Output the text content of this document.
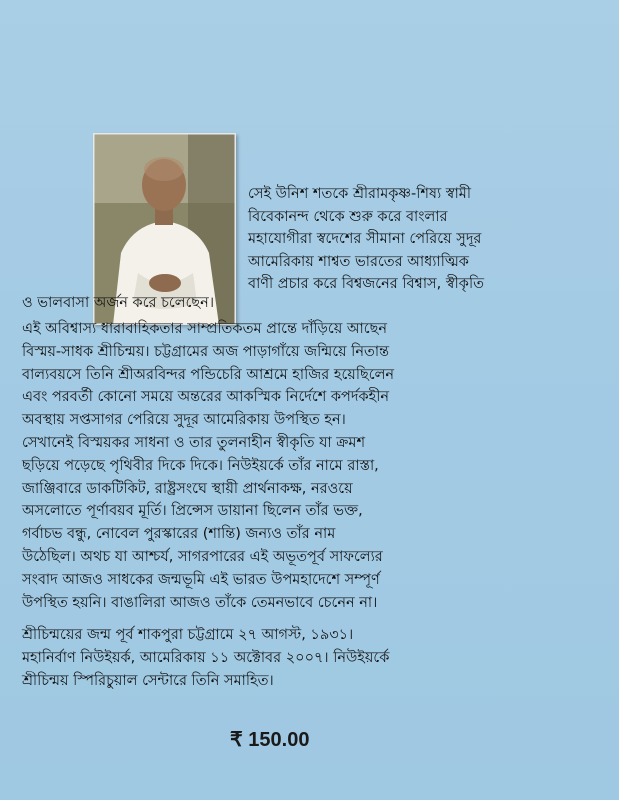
সেই উনিশ শতকে শ্রীরামকৃষ্ণ-শিষ্য স্বামী
বিবেকানন্দ থেকে শুরু করে বাংলার
মহাযোগীরা স্বদেশের সীমানা পেরিয়ে সুদূর
আমেরিকায় শাশ্বত ভারতের আধ্যাত্মিক
বাণী প্রচার করে বিশ্বজনের বিশ্বাস, স্বীকৃতি
ও ভালবাসা অর্জন করে চলেছেন।
এই অবিশ্বাস্য ধারাবাহিকতার সাম্প্রতিকতম প্রান্তে দাঁড়িয়ে আছেন
বিস্ময়-সাধক শ্রীচিন্ময়। চট্টগ্রামের অজ পাড়াগাঁয়ে জন্মিয়ে নিতান্ত
বাল্যবয়সে তিনি শ্রীঅরবিন্দর পন্ডিচেরি আশ্রমে হাজির হয়েছিলেন
এবং পরবর্তী কোনো সময়ে অন্তরের আকস্মিক নির্দেশে কপর্দকহীন
অবস্থায় সপ্তসাগর পেরিয়ে সুদূর আমেরিকায় উপস্থিত হন।
সেখানেই বিস্ময়কর সাধনা ও তার তুলনাহীন স্বীকৃতি যা ক্রমশ
ছড়িয়ে পড়েছে পৃথিবীর দিকে দিকে। নিউইয়র্কে তাঁর নামে রাস্তা,
জাঞ্জিবারে ডাকটিকিট, রাষ্ট্রসংঘে স্থায়ী প্রার্থনাকক্ষ, নরওয়ে
অসলোতে পূর্ণাবয়ব মূর্তি। প্রিন্সেস ডায়ানা ছিলেন তাঁর ভক্ত,
গর্বাচভ বন্ধু, নোবেল পুরস্কারের (শান্তি) জন্যও তাঁর নাম
উঠেছিল। অথচ যা আশ্চর্য, সাগরপারের এই অভূতপূর্ব সাফল্যের
সংবাদ আজও সাধকের জন্মভূমি এই ভারত উপমহাদেশে সম্পূর্ণ
উপস্থিত হয়নি। বাঙালিরা আজও তাঁকে তেমনভাবে চেনেন না।
শ্রীচিন্ময়ের জন্ম পূর্ব শাকপুরা চট্টগ্রামে ২৭ আগস্ট, ১৯৩১।
মহানির্বাণ নিউইয়র্ক, আমেরিকায় ১১ অক্টোবর ২০০৭। নিউইয়র্কে
শ্রীচিন্ময় স্পিরিচুয়াল সেন্টারে তিনি সমাহিত।
₹ 150.00
